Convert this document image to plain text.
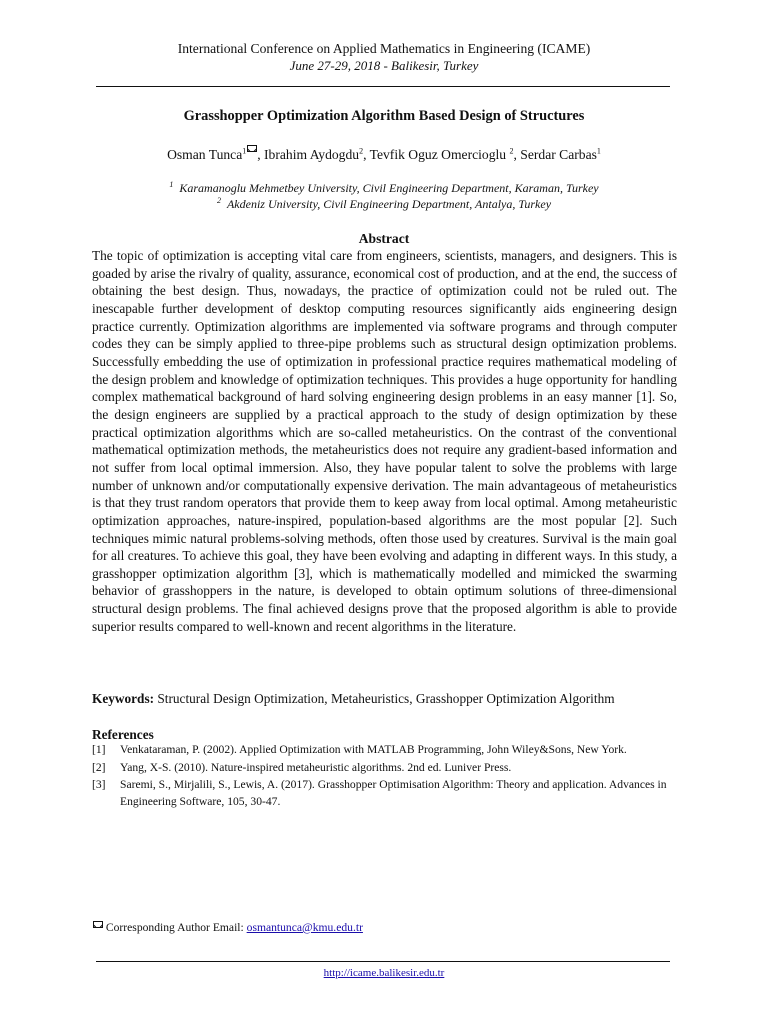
International Conference on Applied Mathematics in Engineering (ICAME)
June 27-29, 2018 - Balikesir, Turkey
Grasshopper Optimization Algorithm Based Design of Structures
Osman Tunca$^1$ , Ibrahim Aydogdu$^2$, Tevfik Oguz Omercioglu $^2$, Serdar Carbas$^1$
$^1$ Karamanoglu Mehmetbey University, Civil Engineering Department, Karaman, Turkey
$^2$ Akdeniz University, Civil Engineering Department, Antalya, Turkey
Abstract
The topic of optimization is accepting vital care from engineers, scientists, managers, and designers. This is goaded by arise the rivalry of quality, assurance, economical cost of production, and at the end, the success of obtaining the best design. Thus, nowadays, the practice of optimization could not be ruled out. The inescapable further development of desktop computing resources significantly aids engineering design practice currently. Optimization algorithms are implemented via software programs and through computer codes they can be simply applied to three-pipe problems such as structural design optimization problems. Successfully embedding the use of optimization in professional practice requires mathematical modeling of the design problem and knowledge of optimization techniques. This provides a huge opportunity for handling complex mathematical background of hard solving engineering design problems in an easy manner [1]. So, the design engineers are supplied by a practical approach to the study of design optimization by these practical optimization algorithms which are so-called metaheuristics. On the contrast of the conventional mathematical optimization methods, the metaheuristics does not require any gradient-based information and not suffer from local optimal immersion. Also, they have popular talent to solve the problems with large number of unknown and/or computationally expensive derivation. The main advantageous of metaheuristics is that they trust random operators that provide them to keep away from local optimal. Among metaheuristic optimization approaches, nature-inspired, population-based algorithms are the most popular [2]. Such techniques mimic natural problems-solving methods, often those used by creatures. Survival is the main goal for all creatures. To achieve this goal, they have been evolving and adapting in different ways. In this study, a grasshopper optimization algorithm [3], which is mathematically modelled and mimicked the swarming behavior of grasshoppers in the nature, is developed to obtain optimum solutions of three-dimensional structural design problems. The final achieved designs prove that the proposed algorithm is able to provide superior results compared to well-known and recent algorithms in the literature.
Keywords: Structural Design Optimization, Metaheuristics, Grasshopper Optimization Algorithm
References
[1] Venkataraman, P. (2002). Applied Optimization with MATLAB Programming, John Wiley&Sons, New York.
[2] Yang, X-S. (2010). Nature-inspired metaheuristic algorithms. 2nd ed. Luniver Press.
[3] Saremi, S., Mirjalili, S., Lewis, A. (2017). Grasshopper Optimisation Algorithm: Theory and application. Advances in Engineering Software, 105, 30-47.
Corresponding Author Email: osmantunca@kmu.edu.tr
http://icame.balikesir.edu.tr
